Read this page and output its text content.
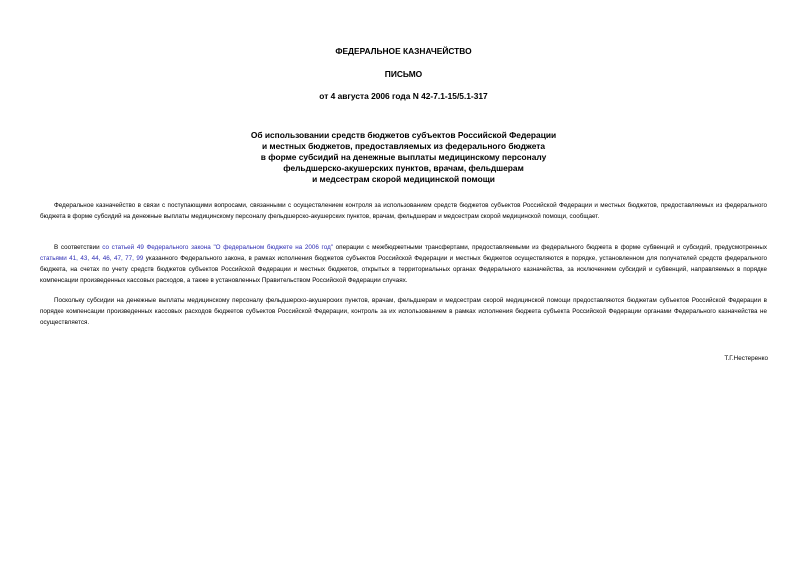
ФЕДЕРАЛЬНОЕ КАЗНАЧЕЙСТВО
ПИСЬМО
от 4 августа 2006 года N 42-7.1-15/5.1-317
Об использовании средств бюджетов субъектов Российской Федерации
и местных бюджетов, предоставляемых из федерального бюджета
в форме субсидий на денежные выплаты медицинскому персоналу
фельдшерско-акушерских пунктов, врачам, фельдшерам
и медсестрам скорой медицинской помощи

Федеральное казначейство в связи с поступающими вопросами, связанными с осуществлением контроля за использованием средств бюджетов субъектов Российской Федерации и местных бюджетов, предоставляемых из федерального бюджета в форме субсидий на денежные выплаты медицинскому персоналу фельдшерско-акушерских пунктов, врачам, фельдшерам и медсестрам скорой медицинской помощи, сообщает.

В соответствии со статьей 49 Федерального закона "О федеральном бюджете на 2006 год" операции с межбюджетными трансфертами, предоставляемыми из федерального бюджета в форме субвенций и субсидий, предусмотренных статьями 41, 43, 44, 46, 47, 77, 99 указанного Федерального закона, в рамках исполнения бюджетов субъектов Российской Федерации и местных бюджетов осуществляются в порядке, установленном для получателей средств федерального бюджета, на счетах по учету средств бюджетов субъектов Российской Федерации и местных бюджетов, открытых в территориальных органах Федерального казначейства, за исключением субсидий и субвенций, направляемых в порядке компенсации произведенных кассовых расходов, а также в установленных Правительством Российской Федерации случаях.

Поскольку субсидии на денежные выплаты медицинскому персоналу фельдшерско-акушерских пунктов, врачам, фельдшерам и медсестрам скорой медицинской помощи предоставляются бюджетам субъектов Российской Федерации в порядке компенсации произведенных кассовых расходов бюджетов субъектов Российской Федерации, контроль за их использованием в рамках исполнения бюджета субъекта Российской Федерации органами Федерального казначейства не осуществляется.

Т.Г.Нестеренко
